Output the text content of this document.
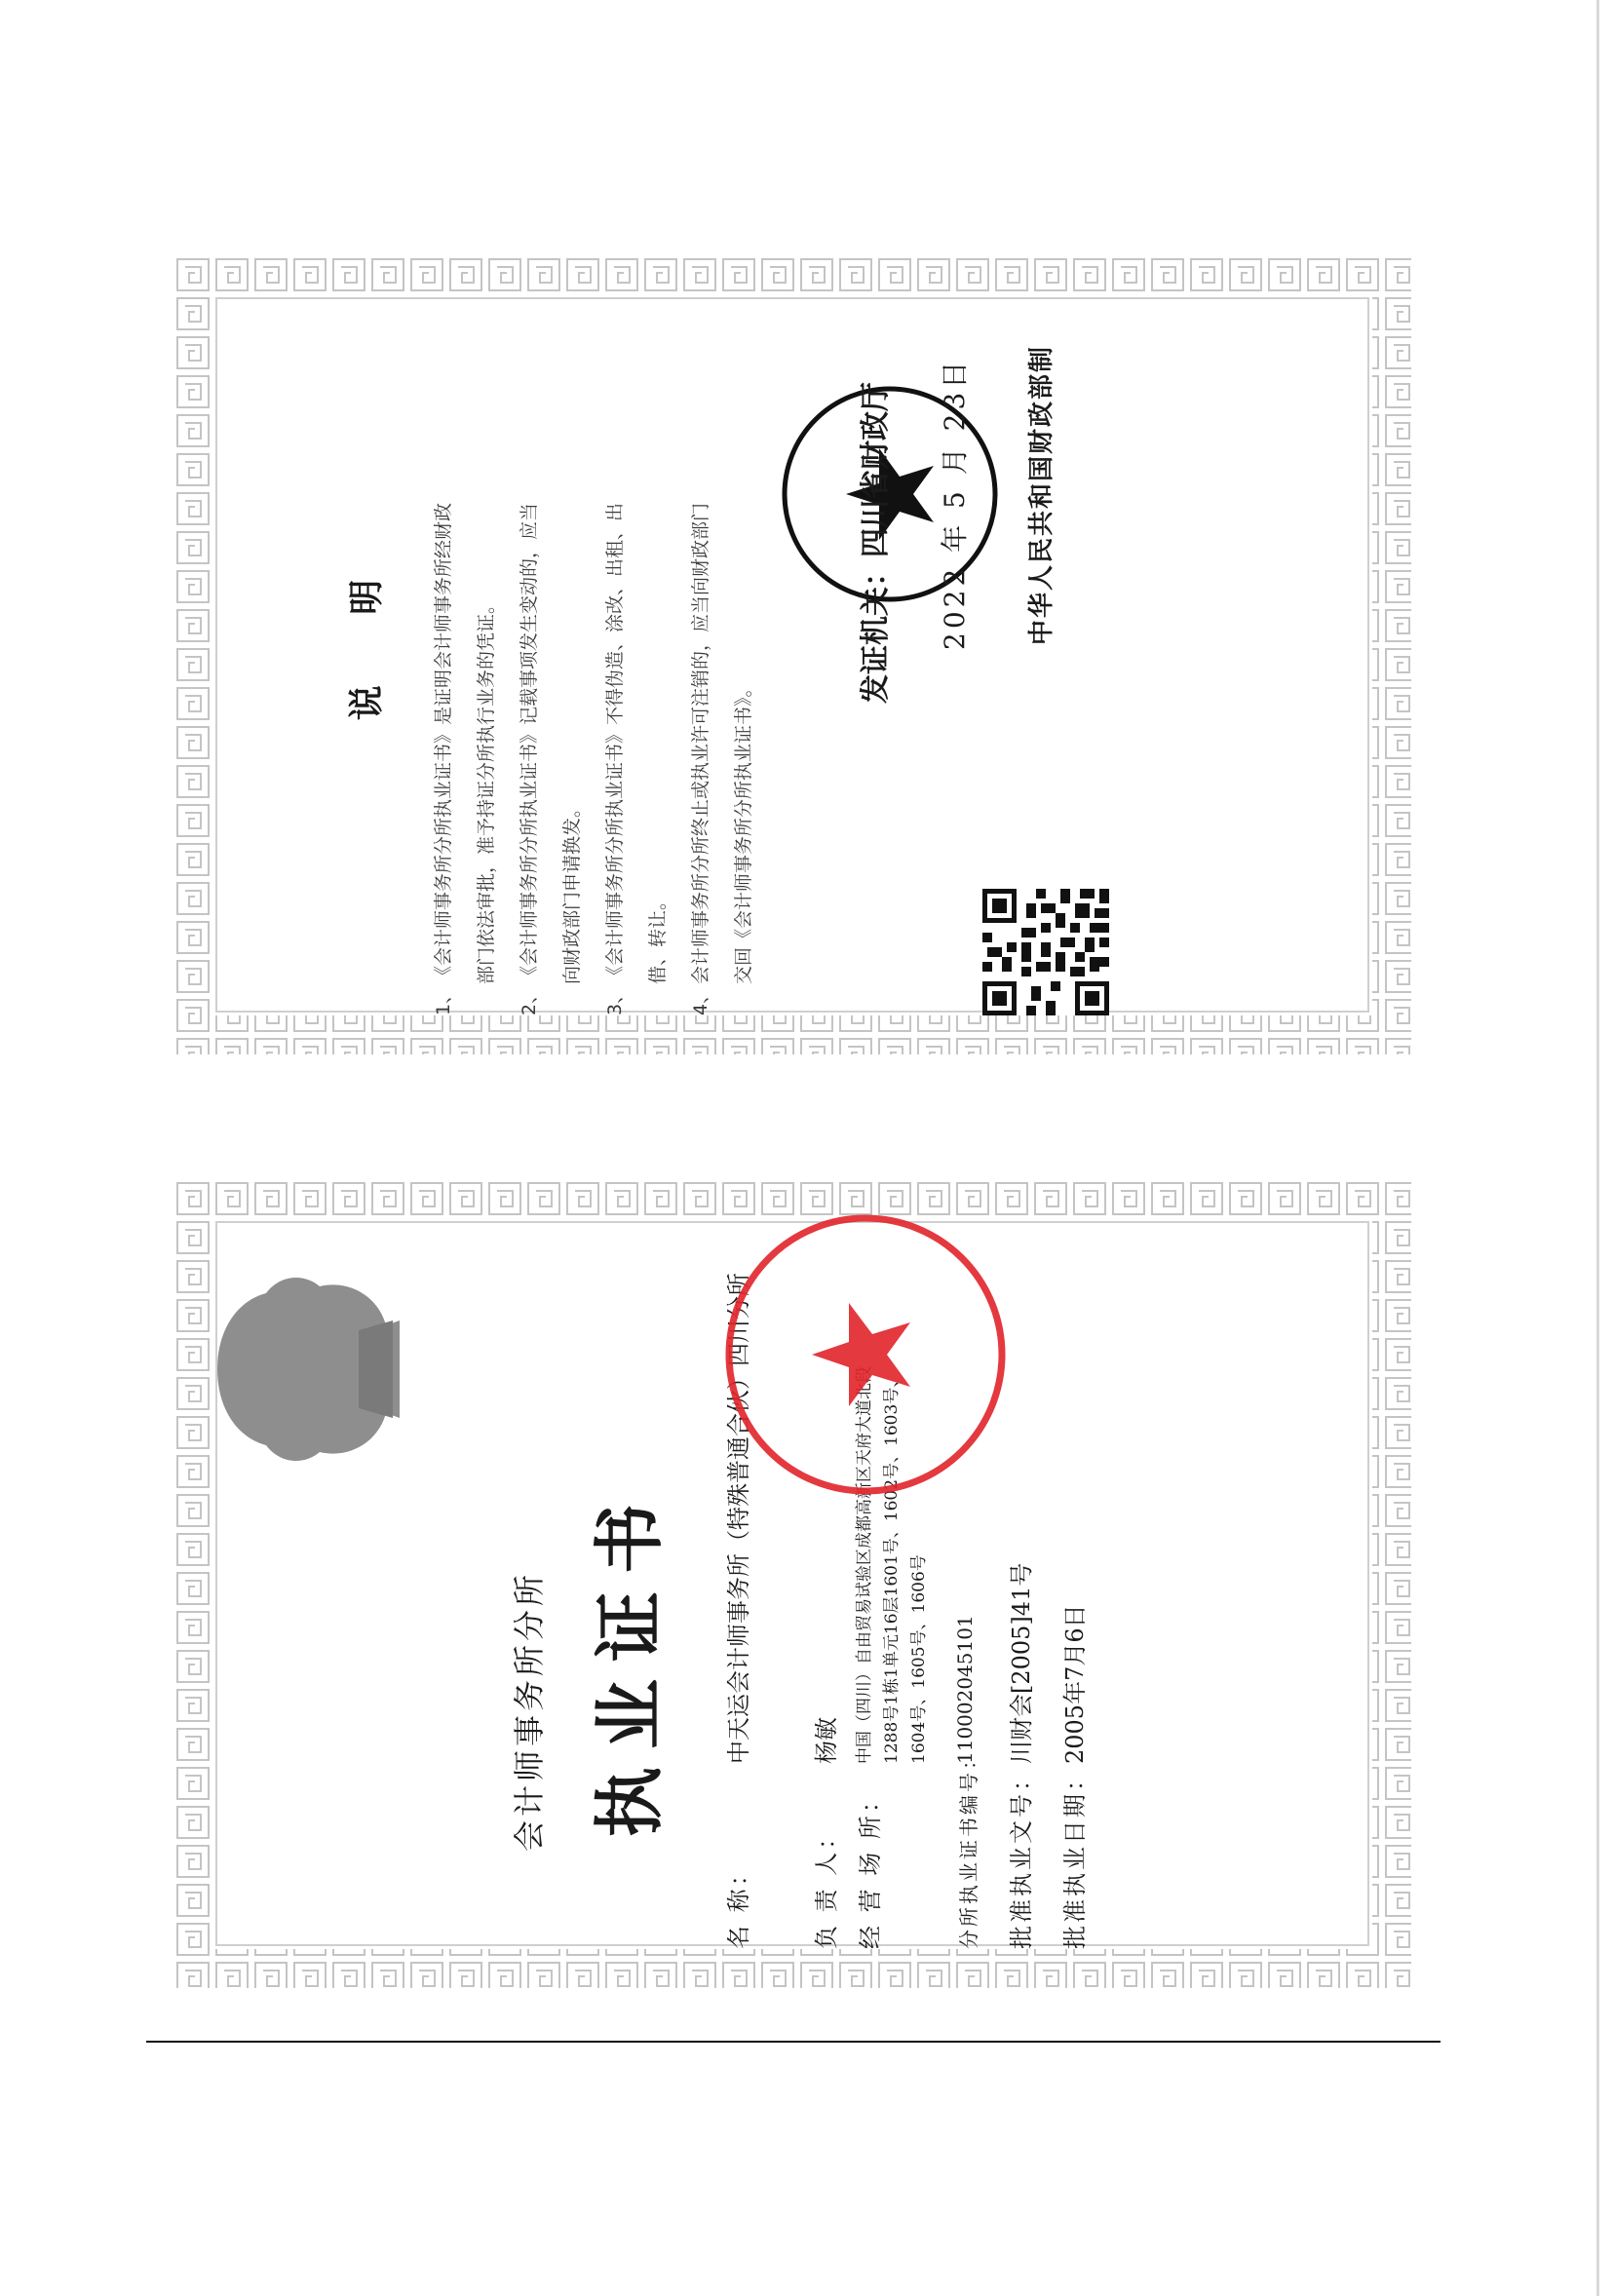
说 明
1、
《会计师事务所分所执业证书》是证明会计师事务所经财政部门依法审批，准予持证分所执行业务的凭证。
2、
《会计师事务所分所执业证书》记载事项发生变动的，应当向财政部门申请换发。
3、
《会计师事务所分所执业证书》不得伪造、涂改、出租、出借、转让。
4、
会计师事务所分所终止或执业许可注销的，应当向财政部门交回《会计师事务所分所执业证书》。
发证机关：四川省财政厅 2022 年 5 月 23日 中华人民共和国财政部制
会计师事务所分所 执业证书
名 称：中天运会计师事务所（特殊普通合伙）四川分所
负 责 人：杨敏
经 营 场 所：中国（四川）自由贸易试验区成都高新区天府大道北段1288号1栋1单元16层1601号、1602号、1603号、1604号、1605号、1606号
分所执业证书编号：110002045101
批准执业文号：川财会[2005]41号
批准执业日期：2005年7月6日
